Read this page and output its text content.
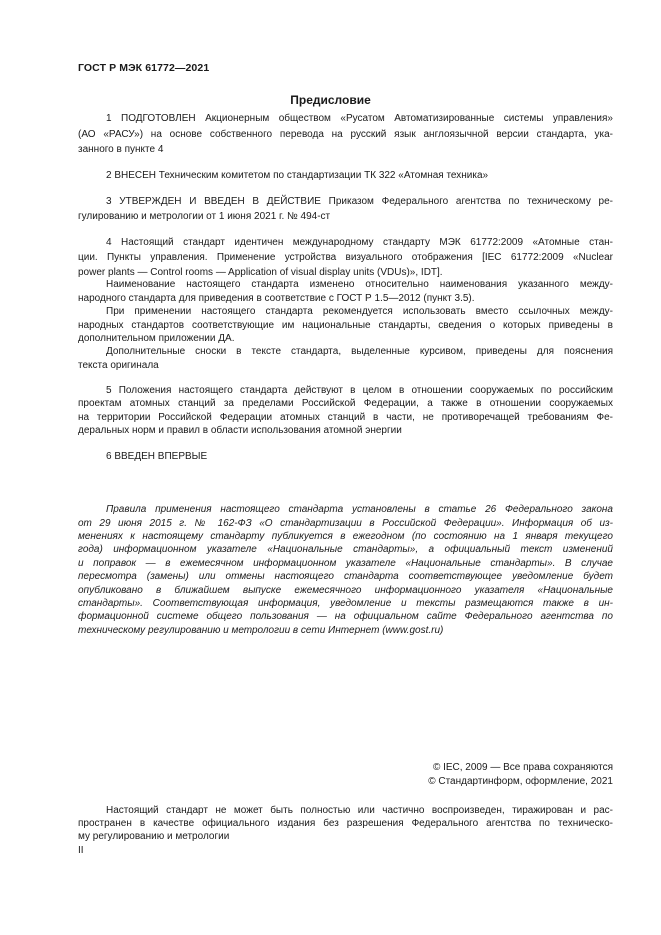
ГОСТ Р МЭК 61772—2021
Предисловие
1 ПОДГОТОВЛЕН Акционерным обществом «Русатом Автоматизированные системы управления»
(АО «РАСУ») на основе собственного перевода на русский язык англоязычной версии стандарта, ука-
занного в пункте 4
2 ВНЕСЕН Техническим комитетом по стандартизации ТК 322 «Атомная техника»
3 УТВЕРЖДЕН И ВВЕДЕН В ДЕЙСТВИЕ Приказом Федерального агентства по техническому ре-
гулированию и метрологии от 1 июня 2021 г. № 494-ст
4 Настоящий стандарт идентичен международному стандарту МЭК 61772:2009 «Атомные стан-
ции. Пункты управления. Применение устройства визуального отображения [IEC 61772:2009 «Nuclear
power plants — Control rooms — Application of visual display units (VDUs)», IDT].
Наименование настоящего стандарта изменено относительно наименования указанного между-
народного стандарта для приведения в соответствие с ГОСТ Р 1.5—2012 (пункт 3.5).
При применении настоящего стандарта рекомендуется использовать вместо ссылочных между-
народных стандартов соответствующие им национальные стандарты, сведения о которых приведены в
дополнительном приложении ДА.
Дополнительные сноски в тексте стандарта, выделенные курсивом, приведены для пояснения
текста оригинала
5 Положения настоящего стандарта действуют в целом в отношении сооружаемых по российским
проектам атомных станций за пределами Российской Федерации, а также в отношении сооружаемых
на территории Российской Федерации атомных станций в части, не противоречащей требованиям Фе-
деральных норм и правил в области использования атомной энергии
6 ВВЕДЕН ВПЕРВЫЕ
Правила применения настоящего стандарта установлены в статье 26 Федерального закона
от 29 июня 2015 г. № 162-ФЗ «О стандартизации в Российской Федерации». Информация об из-
менениях к настоящему стандарту публикуется в ежегодном (по состоянию на 1 января текущего
года) информационном указателе «Национальные стандарты», а официальный текст изменений
и поправок — в ежемесячном информационном указателе «Национальные стандарты». В случае
пересмотра (замены) или отмены настоящего стандарта соответствующее уведомление будет
опубликовано в ближайшем выпуске ежемесячного информационного указателя «Национальные
стандарты». Соответствующая информация, уведомление и тексты размещаются также в ин-
формационной системе общего пользования — на официальном сайте Федерального агентства по
техническому регулированию и метрологии в сети Интернет (www.gost.ru)
© IEC, 2009 — Все права сохраняются
© Стандартинформ, оформление, 2021
Настоящий стандарт не может быть полностью или частично воспроизведен, тиражирован и рас-
пространен в качестве официального издания без разрешения Федерального агентства по техническо-
му регулированию и метрологии
II
